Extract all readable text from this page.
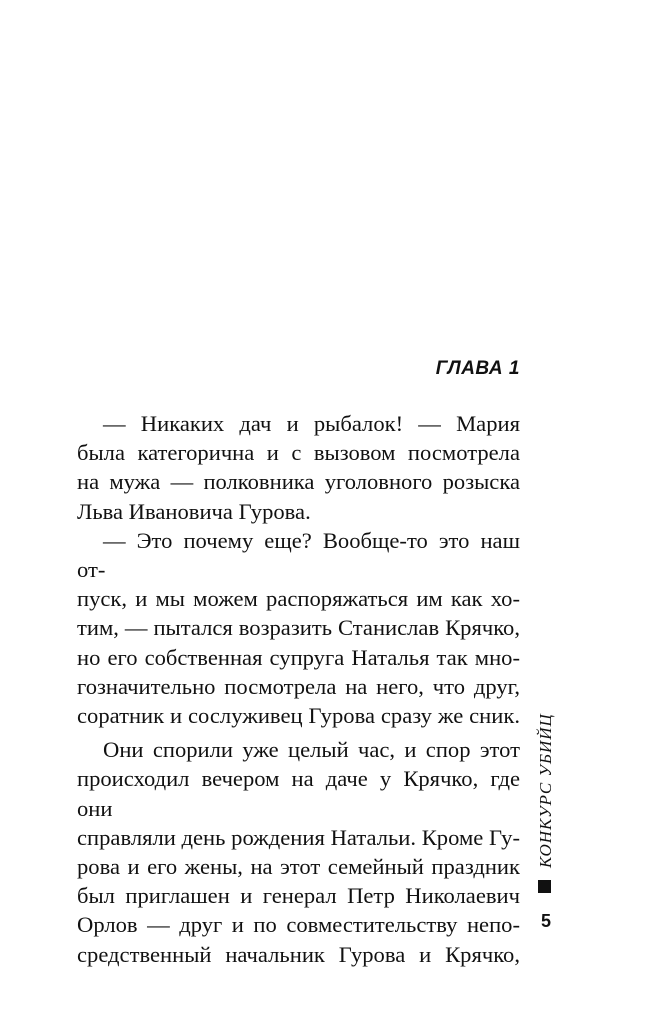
ГЛАВА 1

— Никаких дач и рыбалок! — Мария

была категорична и с вызовом посмотрела

на мужа — полковника уголовного розыска

Льва Ивановича Гурова.

— Это почему еще? Вообще-то это наш от-

пуск, и мы можем распоряжаться им как хо-

тим, — пытался возразить Станислав Крячко,

но его собственная супруга Наталья так мно-

гозначительно посмотрела на него, что друг,

соратник и сослуживец Гурова сразу же сник.

Они спорили уже целый час, и спор этот

происходил вечером на даче у Крячко, где они

справляли день рождения Натальи. Кроме Гу-

рова и его жены, на этот семейный праздник

был приглашен и генерал Петр Николаевич

Орлов — друг и по совместительству непо-

средственный начальник Гурова и Крячко,

КОНКУРС УБИЙЦ
5
